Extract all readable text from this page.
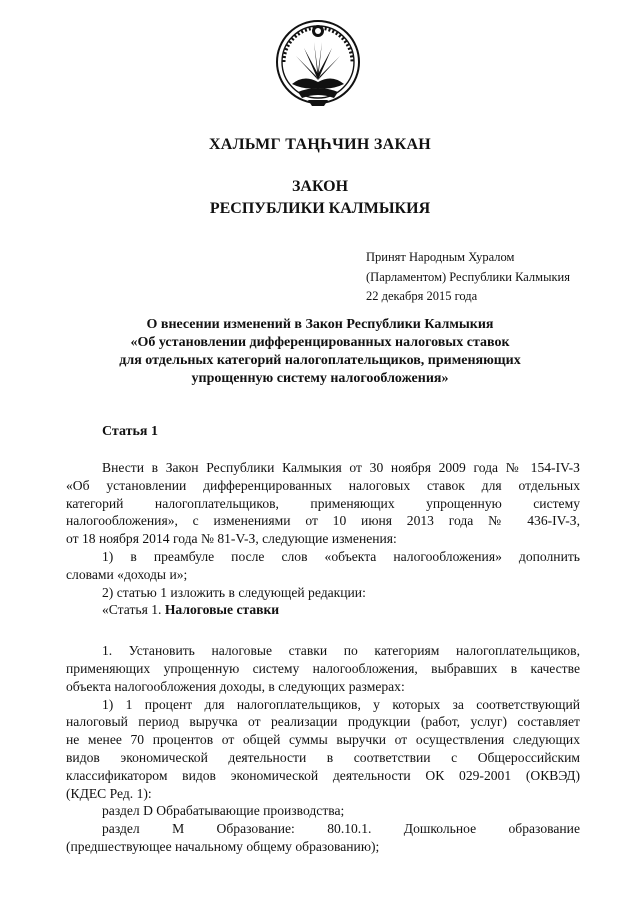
ХАЛЬМГ ТАҢҺЧИН ЗАКАН
ЗАКОН
РЕСПУБЛИКИ КАЛМЫКИЯ
Принят Народным Хуралом
(Парламентом) Республики Калмыкия
22 декабря 2015 года
О внесении изменений в Закон Республики Калмыкия
«Об установлении дифференцированных налоговых ставок
для отдельных категорий налогоплательщиков, применяющих
упрощенную систему налогообложения»
Статья 1
Внести в Закон Республики Калмыкия от 30 ноября 2009 года № 154-IV-З
«Об установлении дифференцированных налоговых ставок для отдельных
категорий налогоплательщиков, применяющих упрощенную систему
налогообложения», с изменениями от 10 июня 2013 года № 436-IV-З,
от 18 ноября 2014 года № 81-V-З, следующие изменения:
1) в преамбуле после слов «объекта налогообложения» дополнить
словами «доходы и»;
2) статью 1 изложить в следующей редакции:
«Статья 1. Налоговые ставки
1. Установить налоговые ставки по категориям налогоплательщиков,
применяющих упрощенную систему налогообложения, выбравших в качестве
объекта налогообложения доходы, в следующих размерах:
1) 1 процент для налогоплательщиков, у которых за соответствующий
налоговый период выручка от реализации продукции (работ, услуг) составляет
не менее 70 процентов от общей суммы выручки от осуществления следующих
видов экономической деятельности в соответствии с Общероссийским
классификатором видов экономической деятельности ОК 029-2001 (ОКВЭД)
(КДЕС Ред. 1):
раздел D Обрабатывающие производства;
раздел М Образование: 80.10.1. Дошкольное образование
(предшествующее начальному общему образованию);
